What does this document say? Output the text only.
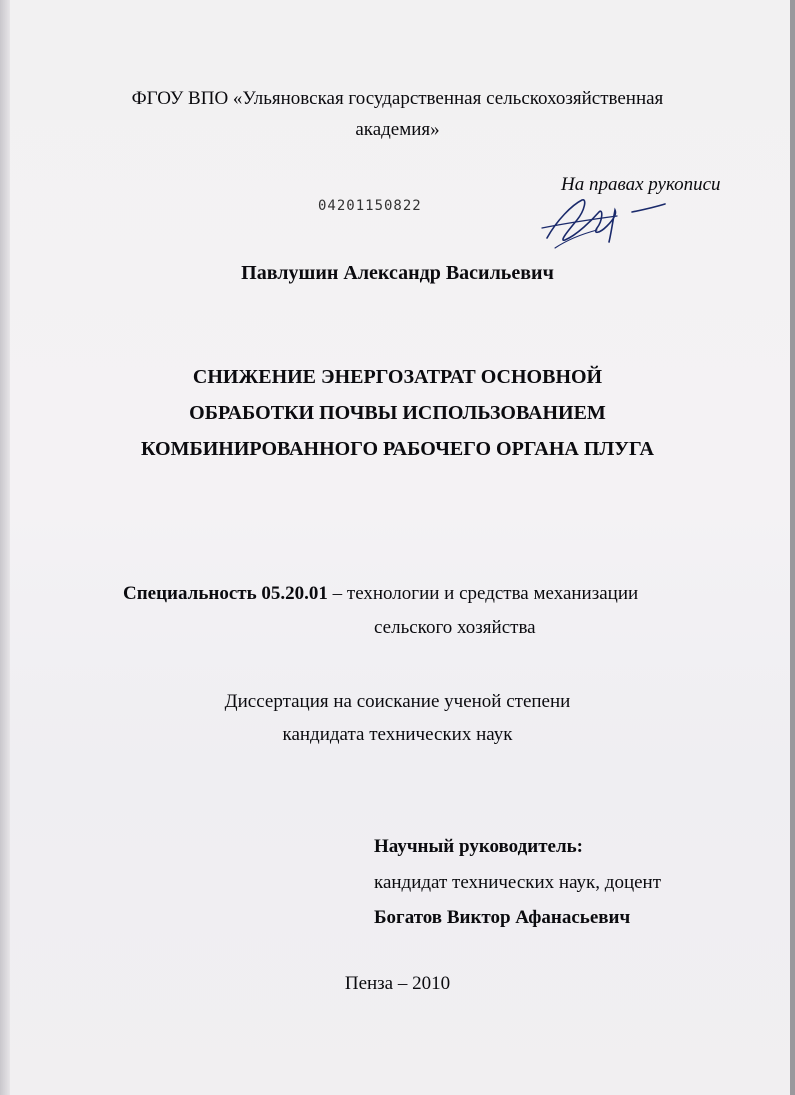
ФГОУ ВПО «Ульяновская государственная сельскохозяйственная
академия»
На правах рукописи
04201150822
Павлушин Александр Васильевич
СНИЖЕНИЕ ЭНЕРГОЗАТРАТ ОСНОВНОЙ
ОБРАБОТКИ ПОЧВЫ ИСПОЛЬЗОВАНИЕМ
КОМБИНИРОВАННОГО РАБОЧЕГО ОРГАНА ПЛУГА
Специальность 05.20.01 – технологии и средства механизации
сельского хозяйства
Диссертация на соискание ученой степени
кандидата технических наук
Научный руководитель:
кандидат технических наук, доцент
Богатов Виктор Афанасьевич
Пенза – 2010
